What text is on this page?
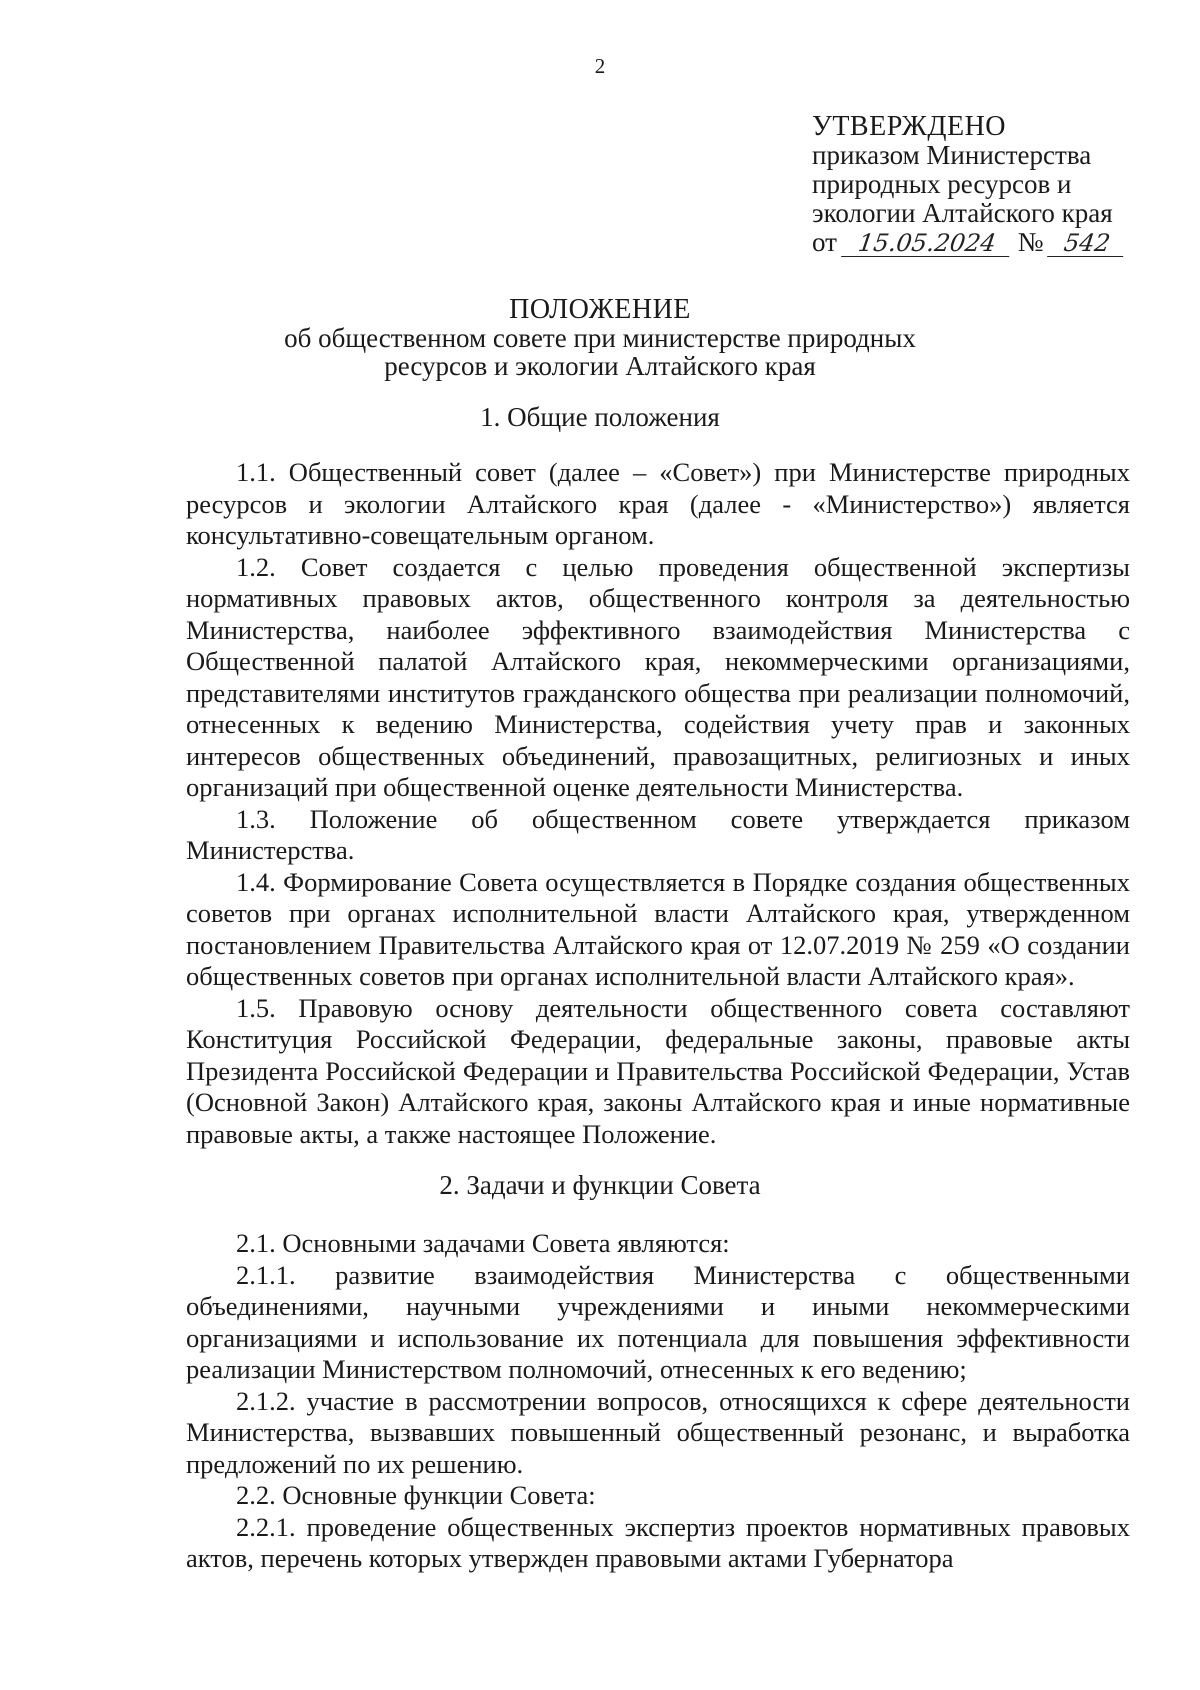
2
УТВЕРЖДЕНО
приказом Министерства
природных ресурсов и
экологии Алтайского края
от 15.05.2024 № 542
ПОЛОЖЕНИЕ
об общественном совете при министерстве природных
ресурсов и экологии Алтайского края
1. Общие положения

1.1. Общественный совет (далее – «Совет») при Министерстве природных ресурсов и экологии Алтайского края (далее - «Министерство») является консультативно-совещательным органом.

1.2. Совет создается с целью проведения общественной экспертизы нормативных правовых актов, общественного контроля за деятельностью Министерства, наиболее эффективного взаимодействия Министерства с Общественной палатой Алтайского края, некоммерческими организациями, представителями институтов гражданского общества при реализации полномочий, отнесенных к ведению Министерства, содействия учету прав и законных интересов общественных объединений, правозащитных, религиозных и иных организаций при общественной оценке деятельности Министерства.

1.3. Положение об общественном совете утверждается приказом Министерства.

1.4. Формирование Совета осуществляется в Порядке создания общественных советов при органах исполнительной власти Алтайского края, утвержденном постановлением Правительства Алтайского края от 12.07.2019 № 259 «О создании общественных советов при органах исполнительной власти Алтайского края».

1.5. Правовую основу деятельности общественного совета составляют Конституция Российской Федерации, федеральные законы, правовые акты Президента Российской Федерации и Правительства Российской Федерации, Устав (Основной Закон) Алтайского края, законы Алтайского края и иные нормативные правовые акты, а также настоящее Положение.

2. Задачи и функции Совета

2.1. Основными задачами Совета являются:

2.1.1. развитие взаимодействия Министерства с общественными объединениями, научными учреждениями и иными некоммерческими организациями и использование их потенциала для повышения эффективности реализации Министерством полномочий, отнесенных к его ведению;

2.1.2. участие в рассмотрении вопросов, относящихся к сфере деятельности Министерства, вызвавших повышенный общественный резонанс, и выработка предложений по их решению.

2.2. Основные функции Совета:

2.2.1. проведение общественных экспертиз проектов нормативных правовых актов, перечень которых утвержден правовыми актами Губернатора
